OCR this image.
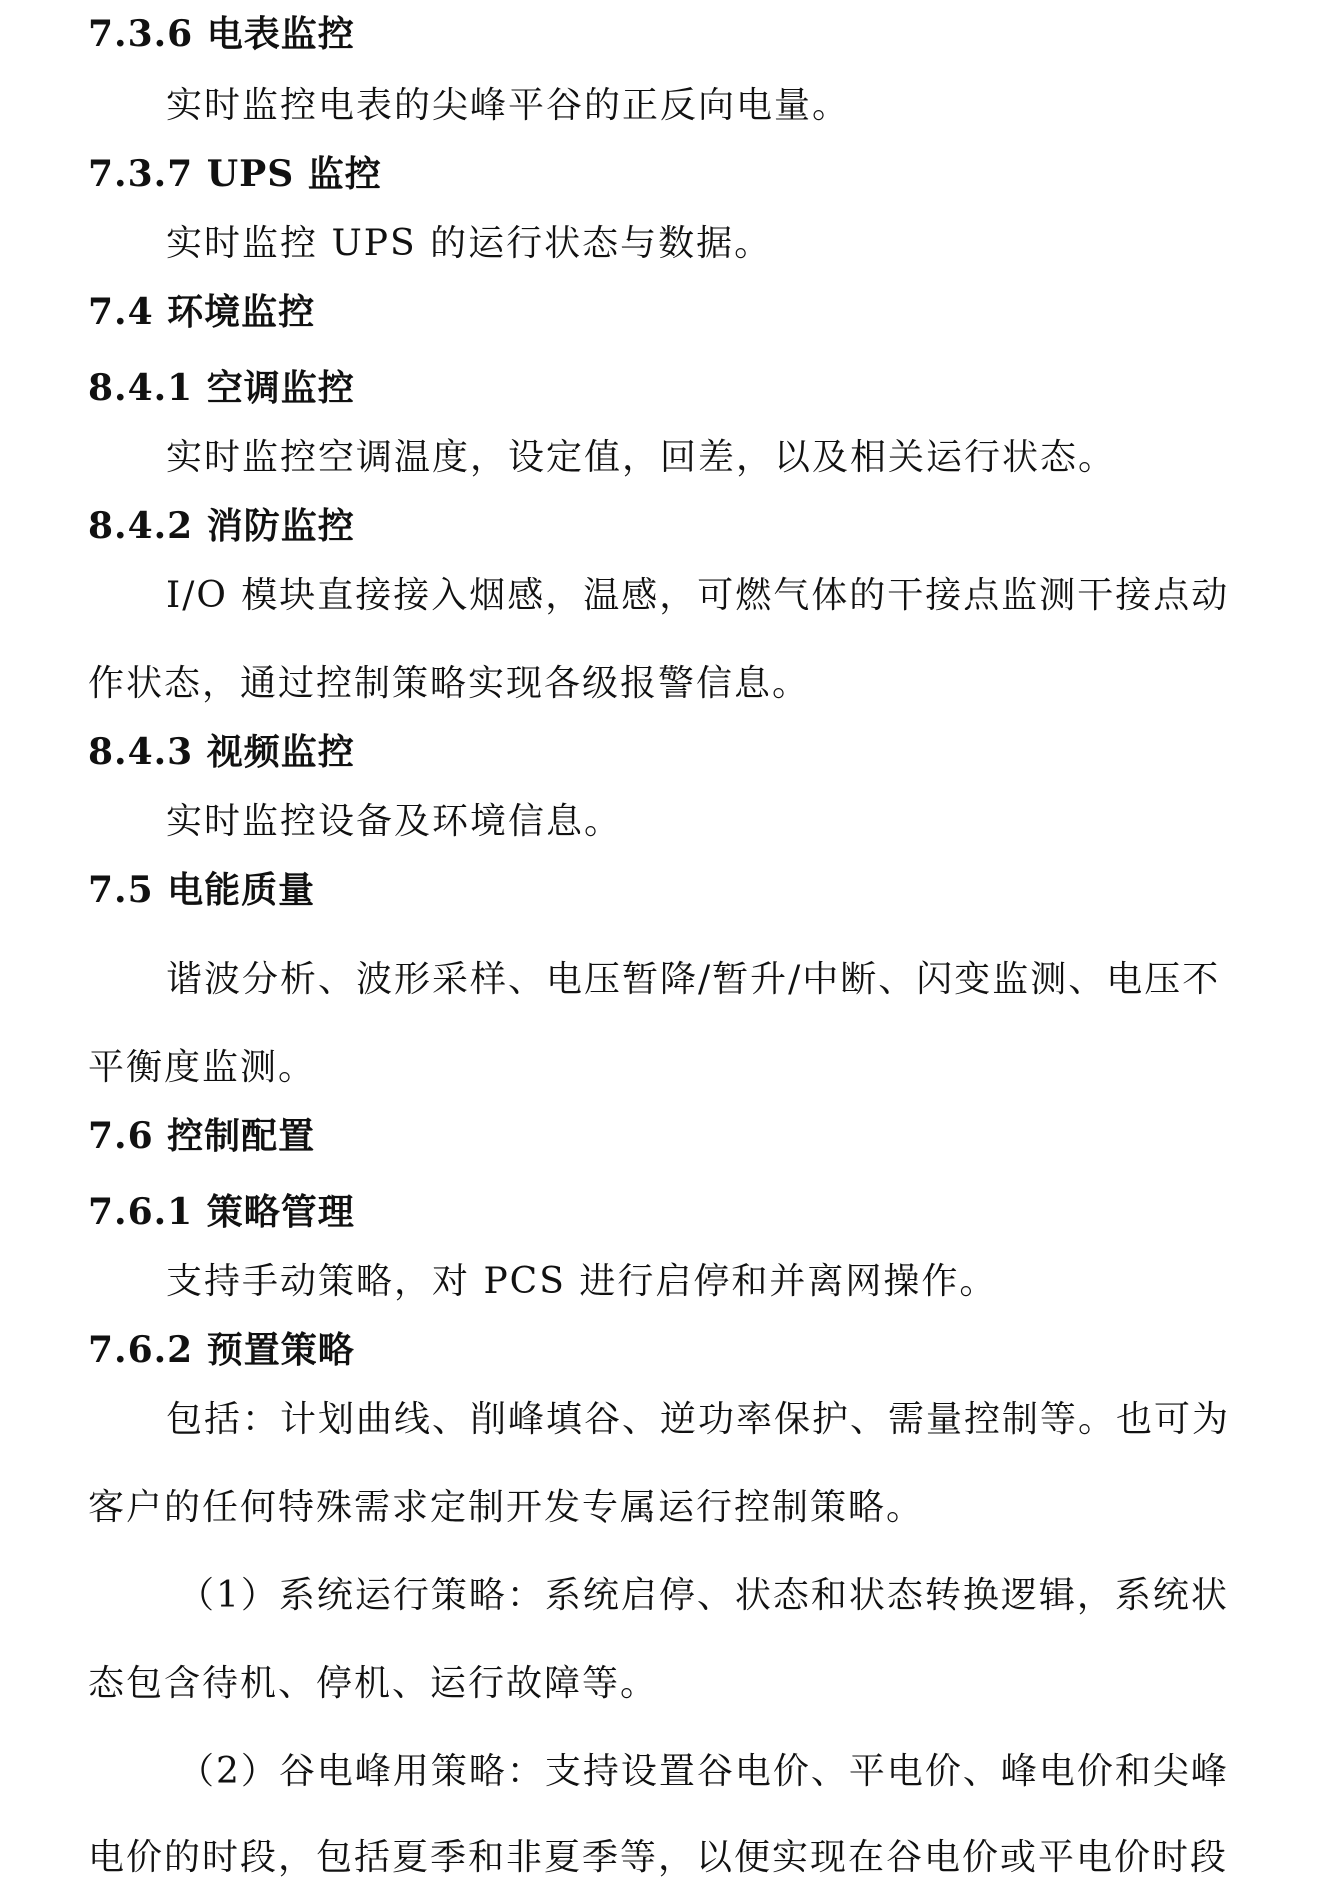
7.3.6 电表监控
实时监控电表的尖峰平谷的正反向电量。
7.3.7 UPS 监控
实时监控 UPS 的运行状态与数据。
7.4 环境监控
8.4.1 空调监控
实时监控空调温度，设定值，回差，以及相关运行状态。
8.4.2 消防监控
I/O 模块直接接入烟感，温感，可燃气体的干接点监测干接点动
作状态，通过控制策略实现各级报警信息。
8.4.3 视频监控
实时监控设备及环境信息。
7.5 电能质量
谐波分析、波形采样、电压暂降/暂升/中断、闪变监测、电压不
平衡度监测。
7.6 控制配置
7.6.1 策略管理
支持手动策略，对 PCS 进行启停和并离网操作。
7.6.2 预置策略
包括：计划曲线、削峰填谷、逆功率保护、需量控制等。也可为
客户的任何特殊需求定制开发专属运行控制策略。
（1）系统运行策略：系统启停、状态和状态转换逻辑，系统状
态包含待机、停机、运行故障等。
（2）谷电峰用策略：支持设置谷电价、平电价、峰电价和尖峰
电价的时段，包括夏季和非夏季等，以便实现在谷电价或平电价时段
